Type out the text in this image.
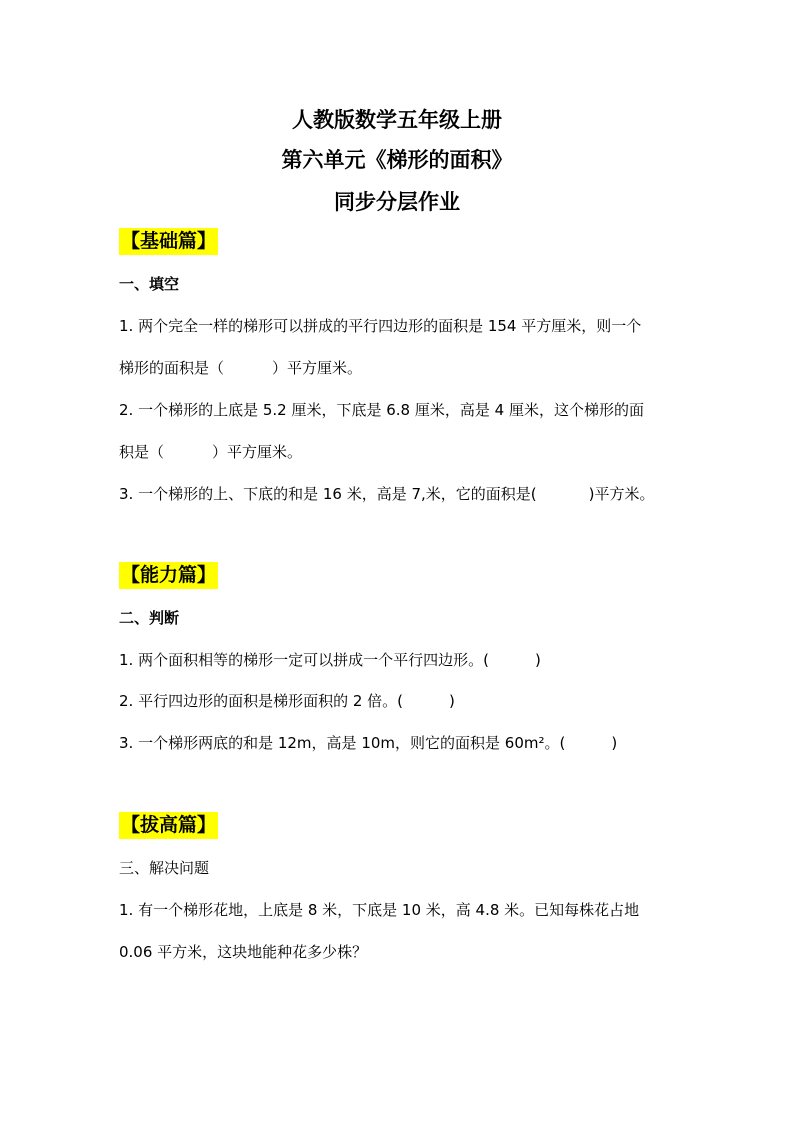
人教版数学五年级上册
第六单元《梯形的面积》
同步分层作业
【基础篇】
一、填空
1. 两个完全一样的梯形可以拼成的平行四边形的面积是 154 平方厘米，则一个
梯形的面积是（	）平方厘米。
2. 一个梯形的上底是 5.2 厘米，下底是 6.8 厘米，高是 4 厘米，这个梯形的面
积是（	）平方厘米。
3. 一个梯形的上、下底的和是 16 米，高是 7,米，它的面积是(	)平方米。
【能力篇】
二、判断
1. 两个面积相等的梯形一定可以拼成一个平行四边形。(	)
2. 平行四边形的面积是梯形面积的 2 倍。(	)
3. 一个梯形两底的和是 12m，高是 10m，则它的面积是 60m²。(	)
【拔高篇】
三、解决问题
1. 有一个梯形花地，上底是 8 米，下底是 10 米，高 4.8 米。已知每株花占地
0.06 平方米，这块地能种花多少株？
